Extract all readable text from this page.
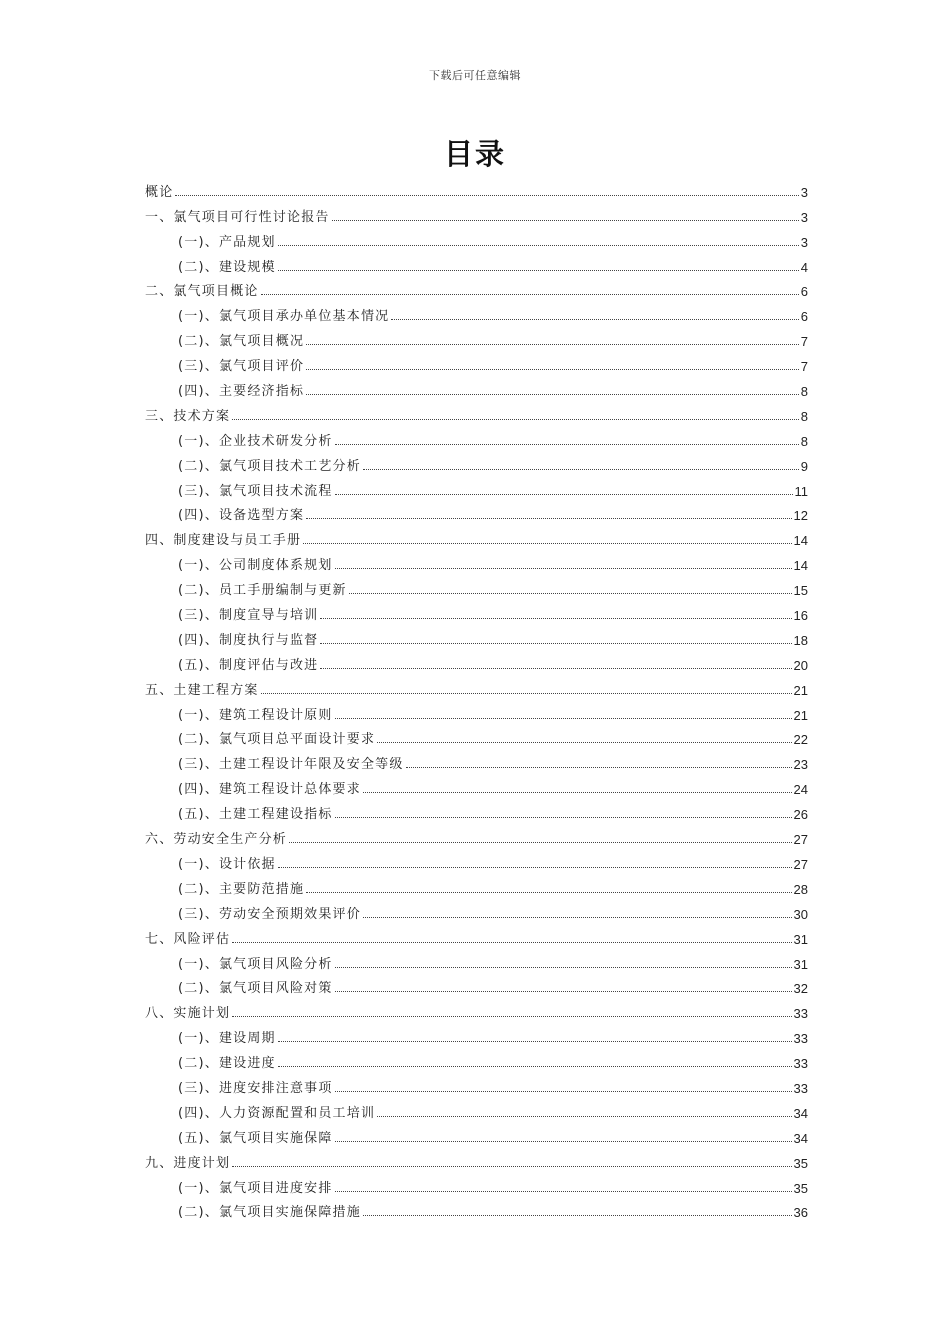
下载后可任意编辑
目录
概论	3
一、氯气项目可行性讨论报告	3
(一)、产品规划	3
(二)、建设规模	4
二、氯气项目概论	6
(一)、氯气项目承办单位基本情况	6
(二)、氯气项目概况	7
(三)、氯气项目评价	7
(四)、主要经济指标	8
三、技术方案	8
(一)、企业技术研发分析	8
(二)、氯气项目技术工艺分析	9
(三)、氯气项目技术流程	11
(四)、设备选型方案	12
四、制度建设与员工手册	14
(一)、公司制度体系规划	14
(二)、员工手册编制与更新	15
(三)、制度宣导与培训	16
(四)、制度执行与监督	18
(五)、制度评估与改进	20
五、土建工程方案	21
(一)、建筑工程设计原则	21
(二)、氯气项目总平面设计要求	22
(三)、土建工程设计年限及安全等级	23
(四)、建筑工程设计总体要求	24
(五)、土建工程建设指标	26
六、劳动安全生产分析	27
(一)、设计依据	27
(二)、主要防范措施	28
(三)、劳动安全预期效果评价	30
七、风险评估	31
(一)、氯气项目风险分析	31
(二)、氯气项目风险对策	32
八、实施计划	33
(一)、建设周期	33
(二)、建设进度	33
(三)、进度安排注意事项	33
(四)、人力资源配置和员工培训	34
(五)、氯气项目实施保障	34
九、进度计划	35
(一)、氯气项目进度安排	35
(二)、氯气项目实施保障措施	36
